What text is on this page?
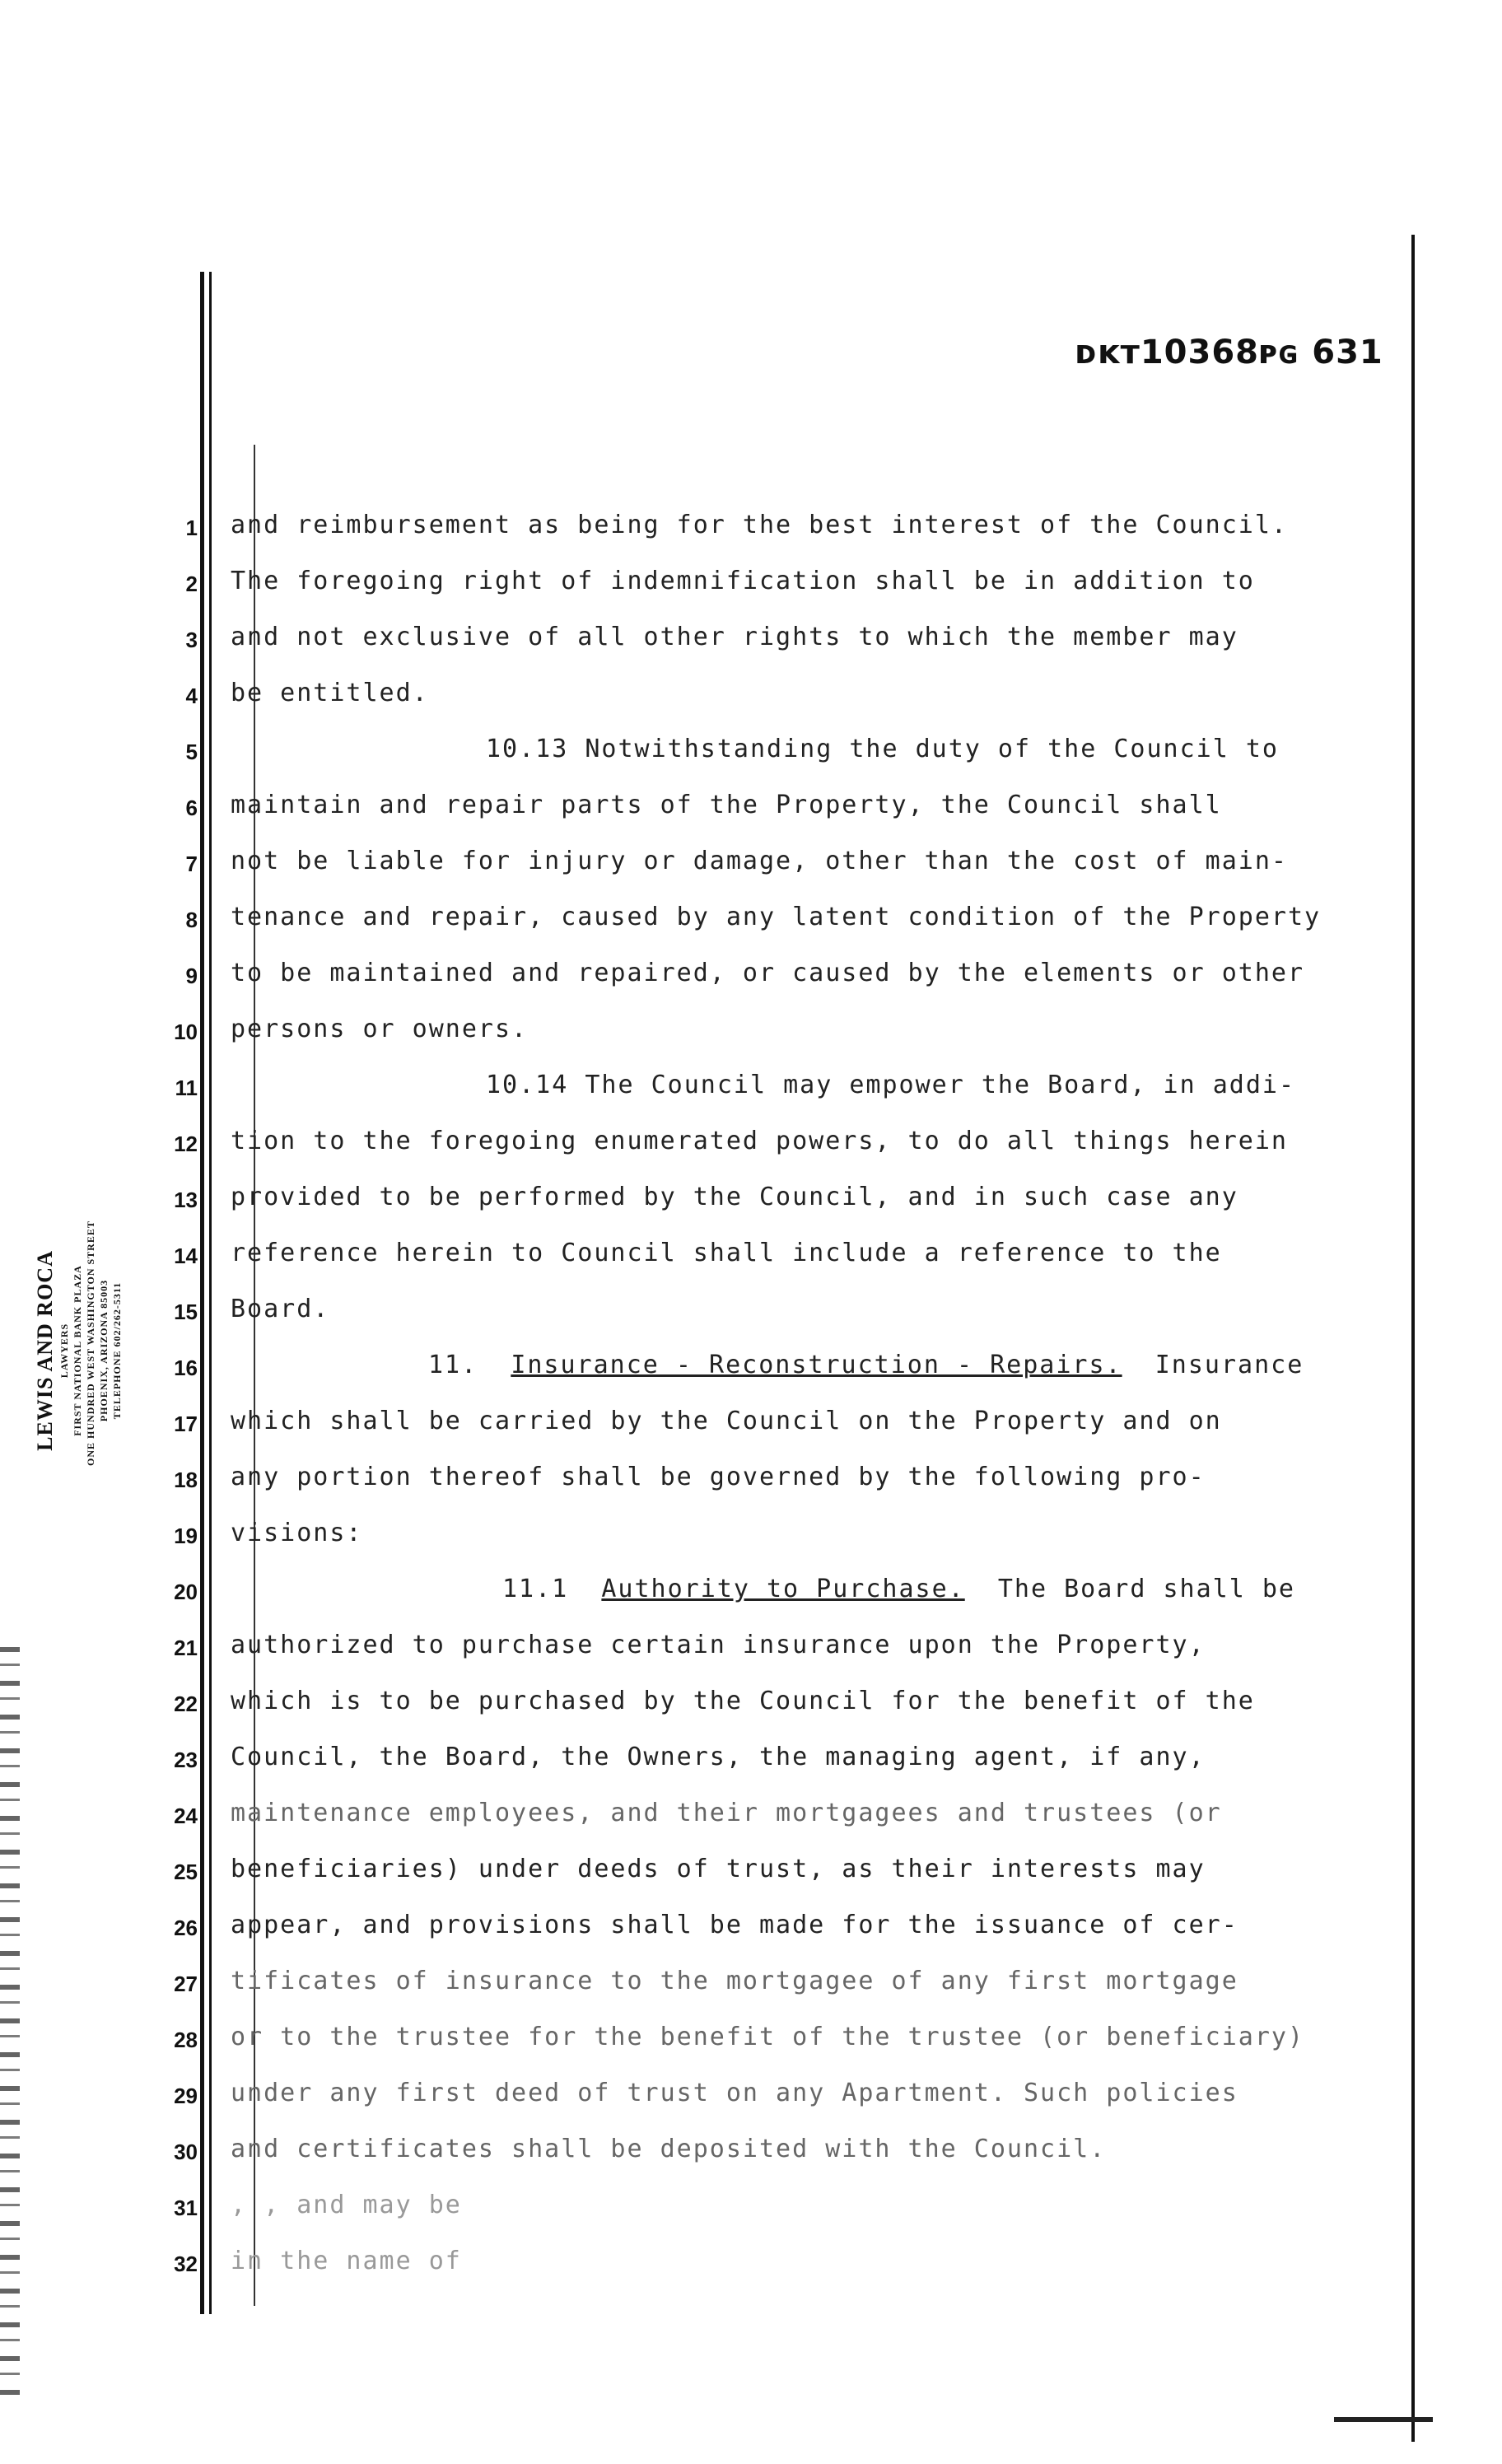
ᴅᴋᴛ10368ᴘɢ 631
LEWIS AND ROCA LAWYERS FIRST NATIONAL BANK PLAZA ONE HUNDRED WEST WASHINGTON STREET PHOENIX, ARIZONA 85003 TELEPHONE 602/262-5311
1
2
3
4
5
6
7
8
9
10
11
12
13
14
15
16
17
18
19
20
21
22
23
24
25
26
27
28
29
30
31
32
and reimbursement as being for the best interest of the Council.
The foregoing right of indemnification shall be in addition to
and not exclusive of all other rights to which the member may
be entitled.
10.13 Notwithstanding the duty of the Council to
maintain and repair parts of the Property, the Council shall
not be liable for injury or damage, other than the cost of main-
tenance and repair, caused by any latent condition of the Property
to be maintained and repaired, or caused by the elements or other
persons or owners.
10.14 The Council may empower the Board, in addi-
tion to the foregoing enumerated powers, to do all things herein
provided to be performed by the Council, and in such case any
reference herein to Council shall include a reference to the
Board.
11. Insurance - Reconstruction - Repairs. Insurance
which shall be carried by the Council on the Property and on
any portion thereof shall be governed by the following pro-
visions:
11.1 Authority to Purchase. The Board shall be
authorized to purchase certain insurance upon the Property,
which is to be purchased by the Council for the benefit of the
Council, the Board, the Owners, the managing agent, if any,
maintenance employees, and their mortgagees and trustees (or
beneficiaries) under deeds of trust, as their interests may
appear, and provisions shall be made for the issuance of cer-
tificates of insurance to the mortgagee of any first mortgage
or to the trustee for the benefit of the trustee (or beneficiary)
under any first deed of trust on any Apartment. Such policies
and certificates shall be deposited with the Council.
, , and may be
in the name of
